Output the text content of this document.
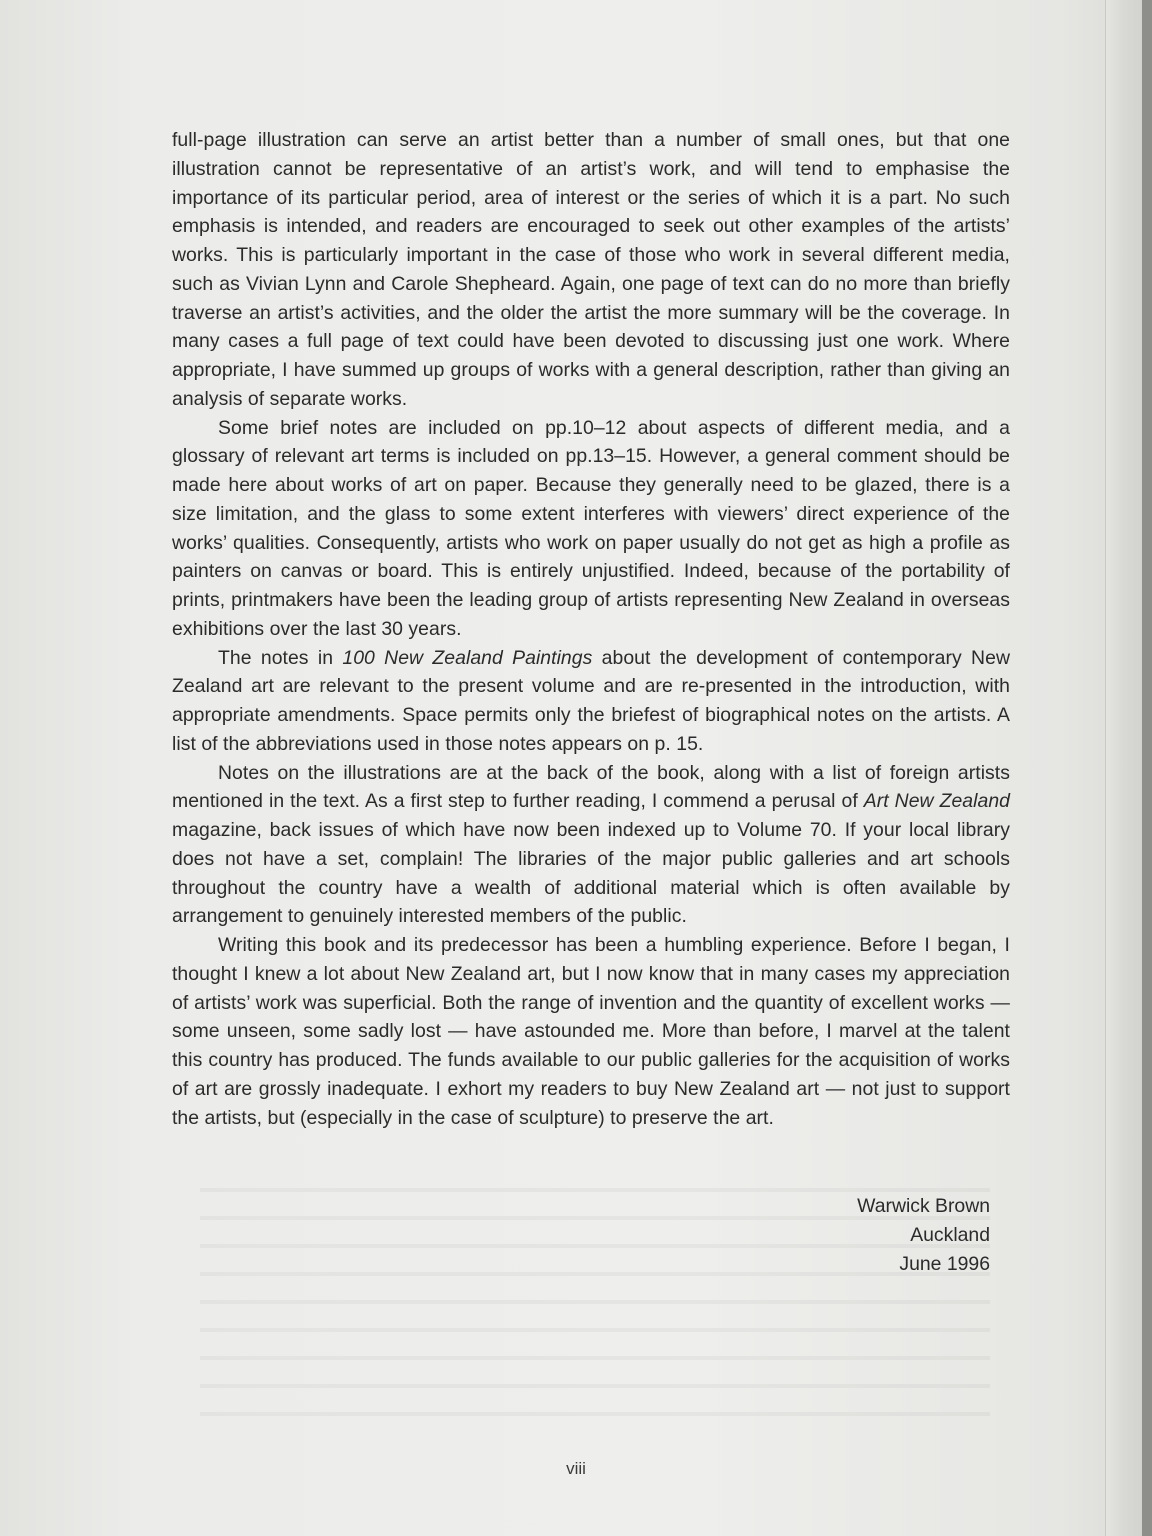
full-page illustration can serve an artist better than a number of small ones, but that one illustration cannot be representative of an artist’s work, and will tend to emphasise the importance of its particular period, area of interest or the series of which it is a part. No such emphasis is intended, and readers are encouraged to seek out other examples of the artists’ works. This is particularly important in the case of those who work in several different media, such as Vivian Lynn and Carole Shepheard. Again, one page of text can do no more than briefly traverse an artist’s activities, and the older the artist the more summary will be the coverage. In many cases a full page of text could have been devoted to discussing just one work. Where appropriate, I have summed up groups of works with a general description, rather than giving an analysis of separate works.

Some brief notes are included on pp.10–12 about aspects of different media, and a glossary of relevant art terms is included on pp.13–15. However, a general comment should be made here about works of art on paper. Because they generally need to be glazed, there is a size limitation, and the glass to some extent interferes with viewers’ direct experience of the works’ qualities. Consequently, artists who work on paper usually do not get as high a profile as painters on canvas or board. This is entirely unjustified. Indeed, because of the portability of prints, printmakers have been the leading group of artists representing New Zealand in overseas exhibitions over the last 30 years.

The notes in 100 New Zealand Paintings about the development of contemporary New Zealand art are relevant to the present volume and are re-presented in the introduction, with appropriate amendments. Space permits only the briefest of biographical notes on the artists. A list of the abbreviations used in those notes appears on p. 15.

Notes on the illustrations are at the back of the book, along with a list of foreign artists mentioned in the text. As a first step to further reading, I commend a perusal of Art New Zealand magazine, back issues of which have now been indexed up to Volume 70. If your local library does not have a set, complain! The libraries of the major public galleries and art schools throughout the country have a wealth of additional material which is often available by arrangement to genuinely interested members of the public.

Writing this book and its predecessor has been a humbling experience. Before I began, I thought I knew a lot about New Zealand art, but I now know that in many cases my appreciation of artists’ work was superficial. Both the range of invention and the quantity of excellent works — some unseen, some sadly lost — have astounded me. More than before, I marvel at the talent this country has produced. The funds available to our public galleries for the acquisition of works of art are grossly inadequate. I exhort my readers to buy New Zealand art — not just to support the artists, but (especially in the case of sculpture) to preserve the art.

Warwick Brown
Auckland
June 1996
viii
